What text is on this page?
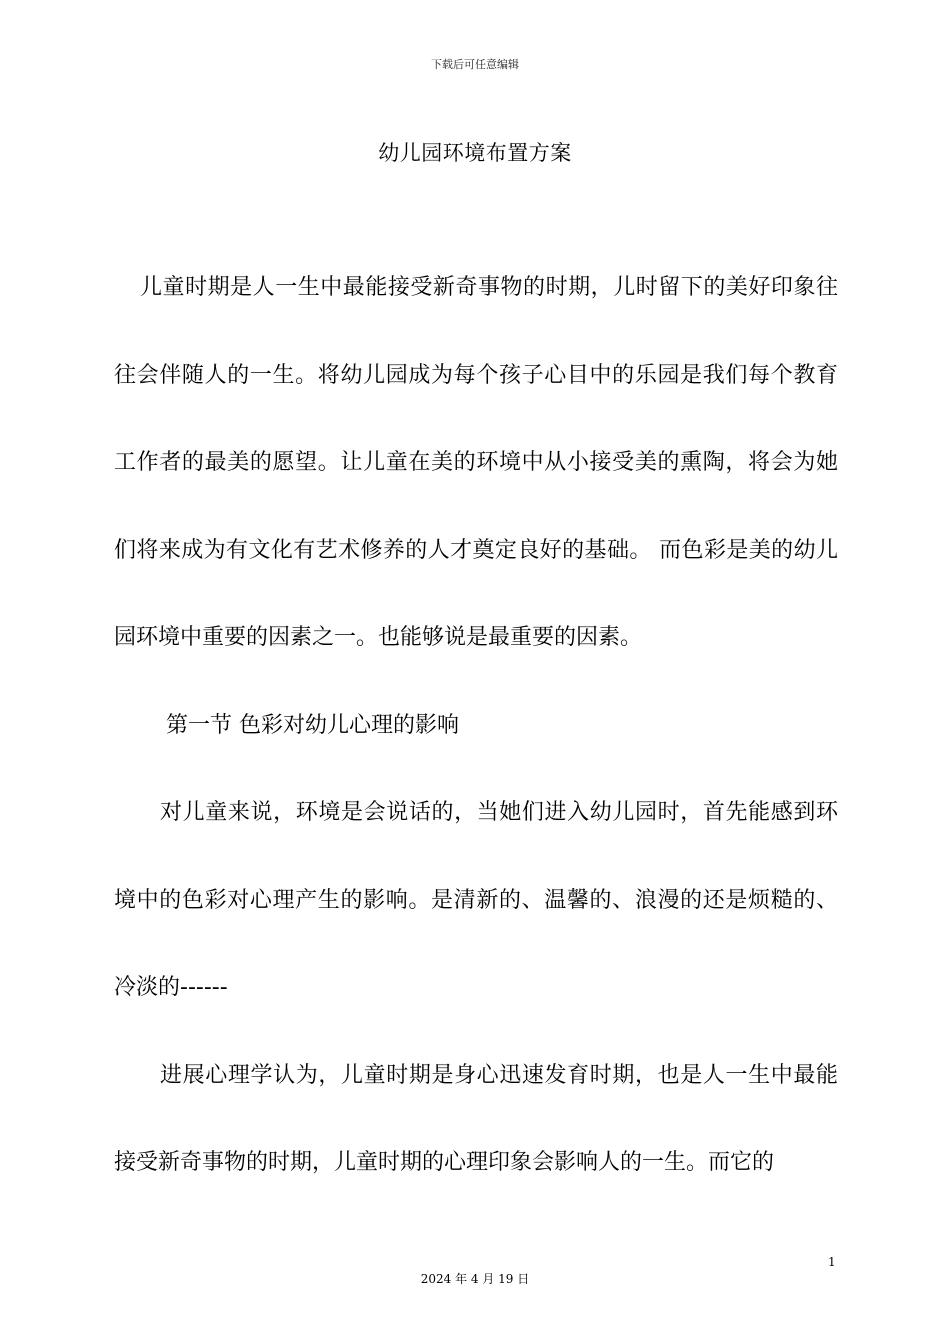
下载后可任意编辑
幼儿园环境布置方案

儿童时期是人一生中最能接受新奇事物的时期，儿时留下的美好印象往往会伴随人的一生。将幼儿园成为每个孩子心目中的乐园是我们每个教育工作者的最美的愿望。让儿童在美的环境中从小接受美的熏陶，将会为她们将来成为有文化有艺术修养的人才奠定良好的基础。 而色彩是美的幼儿园环境中重要的因素之一。也能够说是最重要的因素。

第一节 色彩对幼儿心理的影响

对儿童来说，环境是会说话的，当她们进入幼儿园时，首先能感到环境中的色彩对心理产生的影响。是清新的、温馨的、浪漫的还是烦糙的、冷淡的------

进展心理学认为，儿童时期是身心迅速发育时期，也是人一生中最能接受新奇事物的时期，儿童时期的心理印象会影响人的一生。而它的

1
2024 年 4 月 19 日
